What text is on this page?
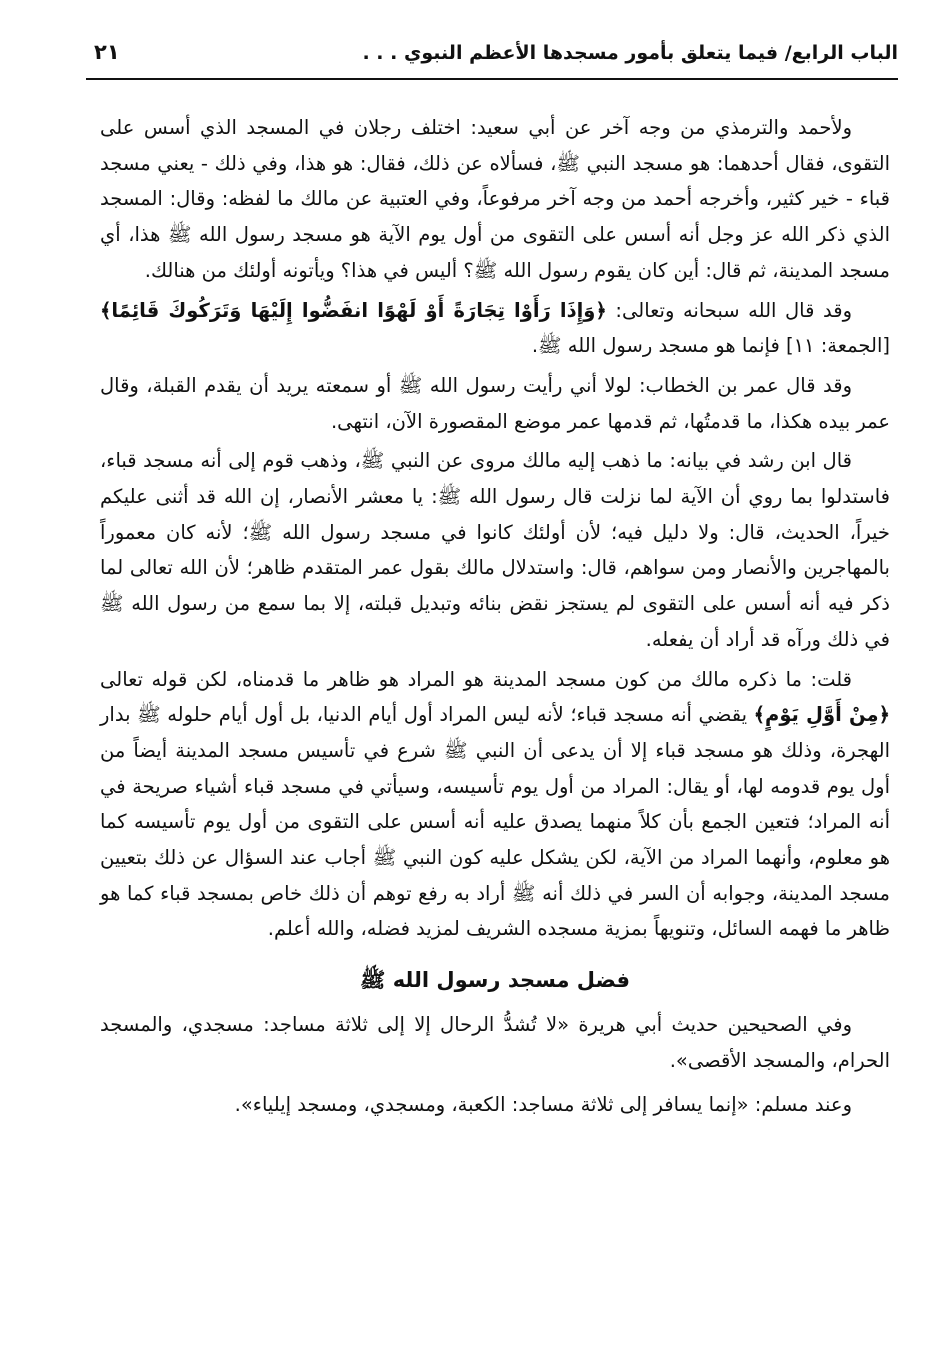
الباب الرابع/ فيما يتعلق بأمور مسجدها الأعظم النبوي . . .
٢١

ولأحمد والترمذي من وجه آخر عن أبي سعيد: اختلف رجلان في المسجد الذي أسس على التقوى، فقال أحدهما: هو مسجد النبي ﷺ، فسألاه عن ذلك، فقال: هو هذا، وفي ذلك - يعني مسجد قباء - خير كثير، وأخرجه أحمد من وجه آخر مرفوعاً، وفي العتبية عن مالك ما لفظه: وقال: المسجد الذي ذكر الله عز وجل أنه أسس على التقوى من أول يوم الآية هو مسجد رسول الله ﷺ هذا، أي مسجد المدينة، ثم قال: أين كان يقوم رسول الله ﷺ؟ أليس في هذا؟ ويأتونه أولئك من هنالك.

وقد قال الله سبحانه وتعالى: ﴿وَإِذَا رَأَوْا تِجَارَةً أَوْ لَهْوًا انفَضُّوا إِلَيْهَا وَتَرَكُوكَ قَائِمًا﴾ [الجمعة: ١١] فإنما هو مسجد رسول الله ﷺ.

وقد قال عمر بن الخطاب: لولا أني رأيت رسول الله ﷺ أو سمعته يريد أن يقدم القبلة، وقال عمر بيده هكذا، ما قدمتُها، ثم قدمها عمر موضع المقصورة الآن، انتهى.

قال ابن رشد في بيانه: ما ذهب إليه مالك مروى عن النبي ﷺ، وذهب قوم إلى أنه مسجد قباء، فاستدلوا بما روي أن الآية لما نزلت قال رسول الله ﷺ: يا معشر الأنصار، إن الله قد أثنى عليكم خيراً، الحديث، قال: ولا دليل فيه؛ لأن أولئك كانوا في مسجد رسول الله ﷺ؛ لأنه كان معموراً بالمهاجرين والأنصار ومن سواهم، قال: واستدلال مالك بقول عمر المتقدم ظاهر؛ لأن الله تعالى لما ذكر فيه أنه أسس على التقوى لم يستجز نقض بنائه وتبديل قبلته، إلا بما سمع من رسول الله ﷺ في ذلك ورآه قد أراد أن يفعله.

قلت: ما ذكره مالك من كون مسجد المدينة هو المراد هو ظاهر ما قدمناه، لكن قوله تعالى ﴿مِنْ أَوَّلِ يَوْمٍ﴾ يقضي أنه مسجد قباء؛ لأنه ليس المراد أول أيام الدنيا، بل أول أيام حلوله ﷺ بدار الهجرة، وذلك هو مسجد قباء إلا أن يدعى أن النبي ﷺ شرع في تأسيس مسجد المدينة أيضاً من أول يوم قدومه لها، أو يقال: المراد من أول يوم تأسيسه، وسيأتي في مسجد قباء أشياء صريحة في أنه المراد؛ فتعين الجمع بأن كلاً منهما يصدق عليه أنه أسس على التقوى من أول يوم تأسيسه كما هو معلوم، وأنهما المراد من الآية، لكن يشكل عليه كون النبي ﷺ أجاب عند السؤال عن ذلك بتعيين مسجد المدينة، وجوابه أن السر في ذلك أنه ﷺ أراد به رفع توهم أن ذلك خاص بمسجد قباء كما هو ظاهر ما فهمه السائل، وتنويهاً بمزية مسجده الشريف لمزيد فضله، والله أعلم.

فضل مسجد رسول الله ﷺ

وفي الصحيحين حديث أبي هريرة «لا تُشدُّ الرحال إلا إلى ثلاثة مساجد: مسجدي، والمسجد الحرام، والمسجد الأقصى».

وعند مسلم: «إنما يسافر إلى ثلاثة مساجد: الكعبة، ومسجدي، ومسجد إيلياء».
